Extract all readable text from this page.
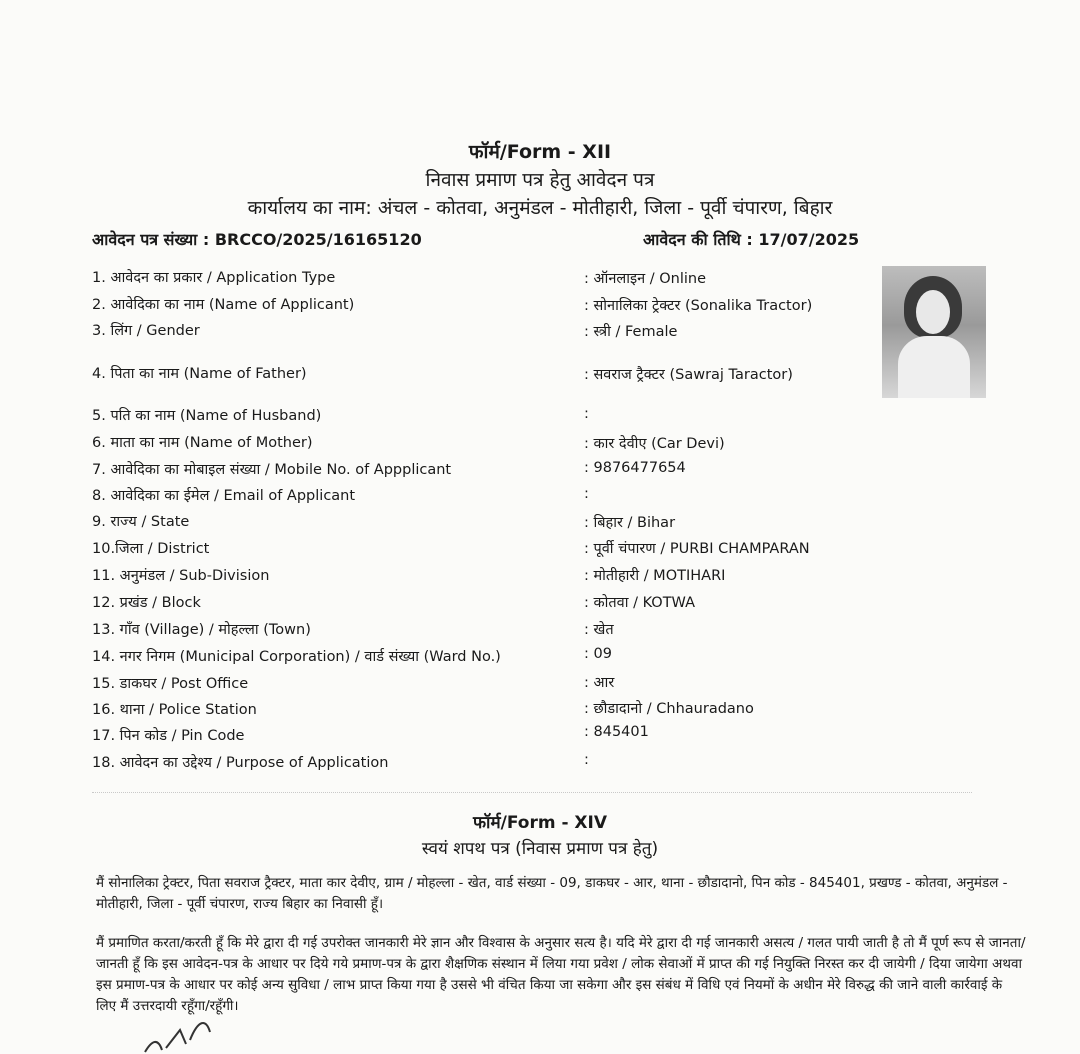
फॉर्म/Form - XII
निवास प्रमाण पत्र हेतु आवेदन पत्र
कार्यालय का नाम: अंचल - कोतवा, अनुमंडल - मोतीहारी, जिला - पूर्वी चंपारण, बिहार
आवेदन पत्र संख्या : BRCCO/2025/16165120	आवेदन की तिथि : 17/07/2025
1. आवेदन का प्रकार / Application Type	: ऑनलाइन / Online
2. आवेदिका का नाम (Name of Applicant)	: सोनालिका ट्रेक्टर (Sonalika Tractor)
3. लिंग / Gender	: स्त्री / Female
4. पिता का नाम (Name of Father)	: सवराज ट्रैक्टर (Sawraj Taractor)
5. पति का नाम (Name of Husband)	:
6. माता का नाम (Name of Mother)	: कार देवीए (Car Devi)
7. आवेदिका का मोबाइल संख्या / Mobile No. of Appplicant	: 9876477654
8. आवेदिका का ईमेल / Email of Applicant	:
9. राज्य / State	: बिहार / Bihar
10.जिला / District	: पूर्वी चंपारण / PURBI CHAMPARAN
11. अनुमंडल / Sub-Division	: मोतीहारी / MOTIHARI
12. प्रखंड / Block	: कोतवा / KOTWA
13. गाँव (Village) / मोहल्ला (Town)	: खेत
14. नगर निगम (Municipal Corporation) / वार्ड संख्या (Ward No.)	: 09
15. डाकघर / Post Office	: आर
16. थाना / Police Station	: छौडादानो / Chhauradano
17. पिन कोड / Pin Code	: 845401
18. आवेदन का उद्देश्य / Purpose of Application	:
फॉर्म/Form - XIV
स्वयं शपथ पत्र (निवास प्रमाण पत्र हेतु)
मैं सोनालिका ट्रेक्टर, पिता सवराज ट्रैक्टर, माता कार देवीए, ग्राम / मोहल्ला - खेत, वार्ड संख्या - 09, डाकघर - आर, थाना - छौडादानो, पिन कोड - 845401, प्रखण्ड - कोतवा, अनुमंडल - मोतीहारी, जिला - पूर्वी चंपारण, राज्य बिहार का निवासी हूँ।
मैं प्रमाणित करता/करती हूँ कि मेरे द्वारा दी गई उपरोक्त जानकारी मेरे ज्ञान और विश्वास के अनुसार सत्य है। यदि मेरे द्वारा दी गई जानकारी असत्य / गलत पायी जाती है तो मैं पूर्ण रूप से जानता/जानती हूँ कि इस आवेदन-पत्र के आधार पर दिये गये प्रमाण-पत्र के द्वारा शैक्षणिक संस्थान में लिया गया प्रवेश / लोक सेवाओं में प्राप्त की गई नियुक्ति निरस्त कर दी जायेगी / दिया जायेगा अथवा इस प्रमाण-पत्र के आधार पर कोई अन्य सुविधा / लाभ प्राप्त किया गया है उससे भी वंचित किया जा सकेगा और इस संबंध में विधि एवं नियमों के अधीन मेरे विरुद्ध की जाने वाली कार्रवाई के लिए मैं उत्तरदायी रहूँगा/रहूँगी।
